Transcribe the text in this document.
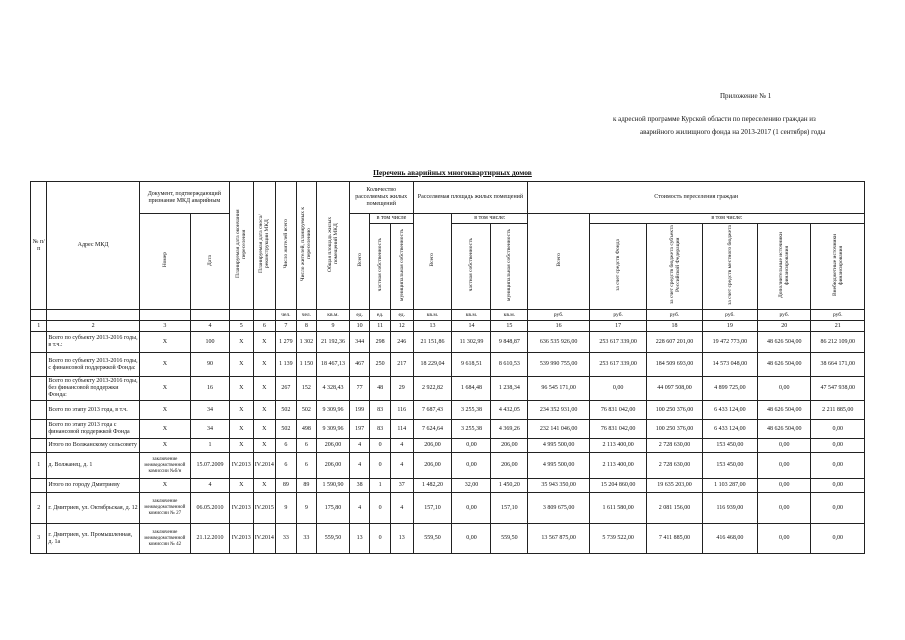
Приложение № 1
к адресной программе Курской области по переселению граждан из
аварийного жилищного фонда на 2013-2017 (1 сентября) годы
Перечень аварийных многоквартирных домов
№ п/п	Адрес МКД	Документ, подтверждающий признание МКД аварийным		Планируемая дата окончания переселения	Планируемая дата сноса/реконструкции МКД	Число жителей всего	Число жителей, планируемых к переселению	Общая площадь жилых помещений МКД	Количество расселяемых жилых помещений			Расселяемая площадь жилых помещений			Стоимость переселения граждан					
		Номер	Дата						Всего	в том числе		Всего	в том числе:		Всего	в том числе:				
										частная собственность	муниципальная собственность		частная собственность	муниципальная собственность		за счет средств Фонда	за счет средств бюджета субъекта Российской Федерации	за счет средств местного бюджета	Дополнительные источники финансирования	Внебюджетные источники финансирования
						чел.	чел.	кв.м.	ед.	ед.	ед.	кв.м.	кв.м.	кв.м.	руб.	руб.	руб.	руб.	руб.	руб.
1	2	3	4	5	6	7	8	9	10	11	12	13	14	15	16	17	18	19	20	21
	Всего по субъекту 2013-2016 годы, в т.ч.:	Х	100	Х	Х	1 279	1 302	21 192,36	344	298	246	21 151,86	11 302,99	9 848,87	636 535 926,00	253 617 339,00	228 607 201,00	19 472 773,00	48 626 504,00	86 212 109,00
	Всего по субъекту 2013-2016 годы, с финансовой поддержкой Фонда:	Х	90	Х	Х	1 139	1 150	18 467,13	467	250	217	18 229,04	9 618,51	8 610,53	539 990 755,00	253 617 339,00	184 509 693,00	14 573 048,00	48 626 504,00	38 664 171,00
	Всего по субъекту 2013-2016 годы, без финансовой поддержки Фонда:	Х	16	Х	Х	267	152	4 328,43	77	48	29	2 922,82	1 684,48	1 238,34	96 545 171,00	0,00	44 097 508,00	4 899 725,00	0,00	47 547 938,00
	Всего по этапу 2013 года, в т.ч.	Х	34	Х	Х	502	502	9 309,96	199	83	116	7 687,43	3 255,38	4 432,05	234 352 931,00	76 831 042,00	100 250 376,00	6 433 124,00	48 626 504,00	2 211 885,00
	Всего по этапу 2013 года с финансовой поддержкой Фонда	Х	34	Х	Х	502	498	9 309,96	197	83	114	7 624,64	3 255,38	4 369,26	232 141 046,00	76 831 042,00	100 250 376,00	6 433 124,00	48 626 504,00	0,00
	Итого по Волжанскому сельсовету	Х	1	Х	Х	6	6	206,00	4	0	4	206,00	0,00	206,00	4 995 500,00	2 113 400,00	2 728 630,00	153 450,00	0,00	0,00
1	д. Волжанец, д. 1	заключение межведомственной комиссии №б/н	15.07.2009	IV.2013	IV.2014	6	6	206,00	4	0	4	206,00	0,00	206,00	4 995 500,00	2 113 400,00	2 728 630,00	153 450,00	0,00	0,00
	Итого по городу Дмитриеву	Х	4	Х	Х	89	89	1 590,90	38	1	37	1 482,20	32,00	1 450,20	35 943 350,00	15 204 860,00	19 635 203,00	1 103 287,00	0,00	0,00
2	г. Дмитриев, ул. Октябрьская, д. 12	заключение межведомственной комиссии № 27	06.05.2010	IV.2013	IV.2015	9	9	175,80	4	0	4	157,10	0,00	157,10	3 809 675,00	1 611 580,00	2 081 156,00	116 939,00	0,00	0,00
3	г. Дмитриев, ул. Промышленная, д. 1а	заключение межведомственной комиссии № 42	21.12.2010	IV.2013	IV.2014	33	33	559,50	13	0	13	559,50	0,00	559,50	13 567 875,00	5 739 522,00	7 411 885,00	416 468,00	0,00	0,00
